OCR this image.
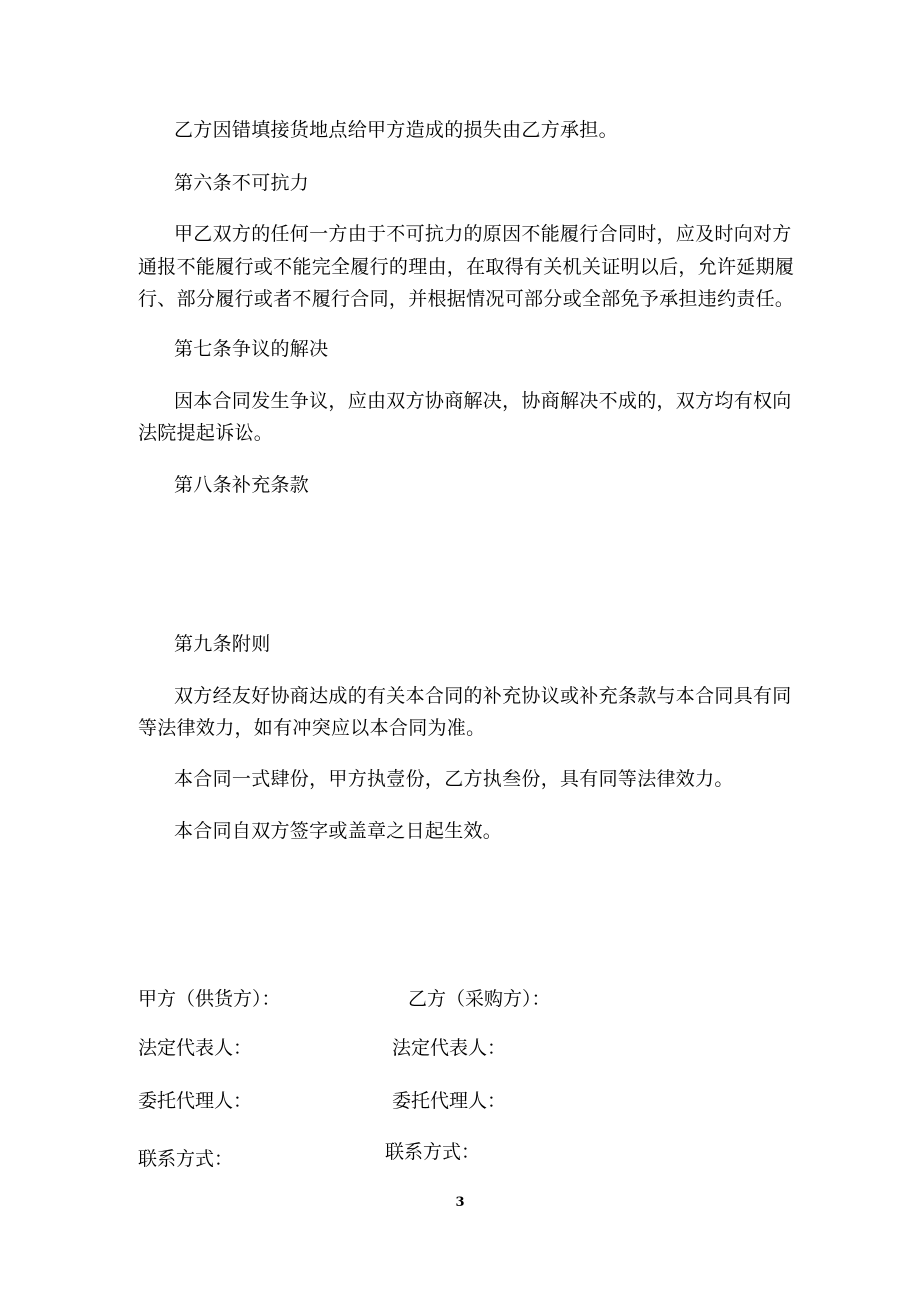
乙方因错填接货地点给甲方造成的损失由乙方承担。
第六条不可抗力
甲乙双方的任何一方由于不可抗力的原因不能履行合同时，应及时向对方
通报不能履行或不能完全履行的理由，在取得有关机关证明以后，允许延期履
行、部分履行或者不履行合同，并根据情况可部分或全部免予承担违约责任。
第七条争议的解决
因本合同发生争议，应由双方协商解决，协商解决不成的，双方均有权向
法院提起诉讼。
第八条补充条款
第九条附则
双方经友好协商达成的有关本合同的补充协议或补充条款与本合同具有同
等法律效力，如有冲突应以本合同为准。
本合同一式肆份，甲方执壹份，乙方执叁份，具有同等法律效力。
本合同自双方签字或盖章之日起生效。
甲方（供货方）：
法定代表人：
委托代理人：
联系方式：
乙方（采购方）：
法定代表人：
委托代理人：
联系方式：
3
